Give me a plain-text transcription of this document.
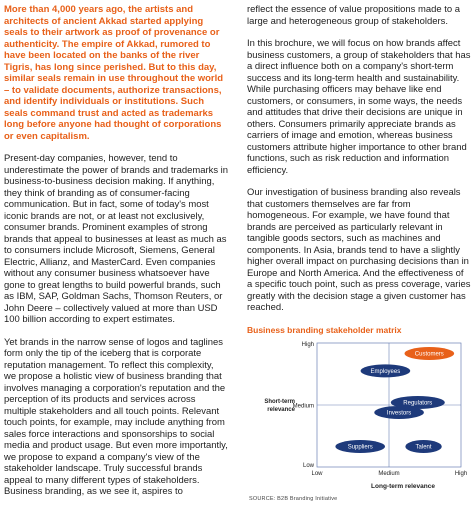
More than 4,000 years ago, the artists and architects of ancient Akkad started applying seals to their artwork as proof of provenance or authenticity. The empire of Akkad, rumored to have been located on the banks of the river Tigris, has long since perished. But to this day, similar seals remain in use throughout the world – to validate documents, authorize transactions, and identify individuals or institutions. Such seals command trust and acted as trademarks long before anyone had thought of corporations or even capitalism.

Present-day companies, however, tend to underestimate the power of brands and trademarks in business-to-business decision making. If anything, they think of branding as of consumer-facing communication. But in fact, some of today's most iconic brands are not, or at least not exclusively, consumer brands. Prominent examples of strong brands that appeal to businesses at least as much as to consumers include Microsoft, Siemens, General Electric, Allianz, and MasterCard. Even companies without any consumer business whatsoever have gone to great lengths to build powerful brands, such as IBM, SAP, Goldman Sachs, Thomson Reuters, or John Deere – collectively valued at more than USD 100 billion according to expert estimates.

Yet brands in the narrow sense of logos and taglines form only the tip of the iceberg that is corporate reputation management. To reflect this complexity, we propose a holistic view of business branding that involves managing a corporation's reputation and the perception of its products and services across multiple stakeholders and all touch points. Relevant touch points, for example, may include anything from sales force interactions and sponsorships to social media and product usage. But even more importantly, we propose to expand a company's view of the stakeholder landscape. Truly successful brands appeal to many different types of stakeholders. Business branding, as we see it, aspires to

reflect the essence of value propositions made to a large and heterogeneous group of stakeholders.

In this brochure, we will focus on how brands affect business customers, a group of stakeholders that has a direct influence both on a company's short-term success and its long-term health and sustainability. While purchasing officers may behave like end customers, or consumers, in some ways, the needs and attitudes that drive their decisions are unique in others. Consumers primarily appreciate brands as carriers of image and emotion, whereas business customers attribute higher importance to other brand functions, such as risk reduction and information efficiency.

Our investigation of business branding also reveals that customers themselves are far from homogeneous. For example, we have found that brands are perceived as particularly relevant in tangible goods sectors, such as machines and components. In Asia, brands tend to have a slightly higher overall impact on purchasing decisions than in Europe and North America. And the effectiveness of a specific touch point, such as press coverage, varies greatly with the decision stage a given customer has reached.

Business branding stakeholder matrix
Low
Medium
High
Low	Medium	High
Short-term
relevance
Long-term relevance
Customers
Employees
Regulators
Investors
Suppliers	Talent
SOURCE: B2B Branding Initiative
